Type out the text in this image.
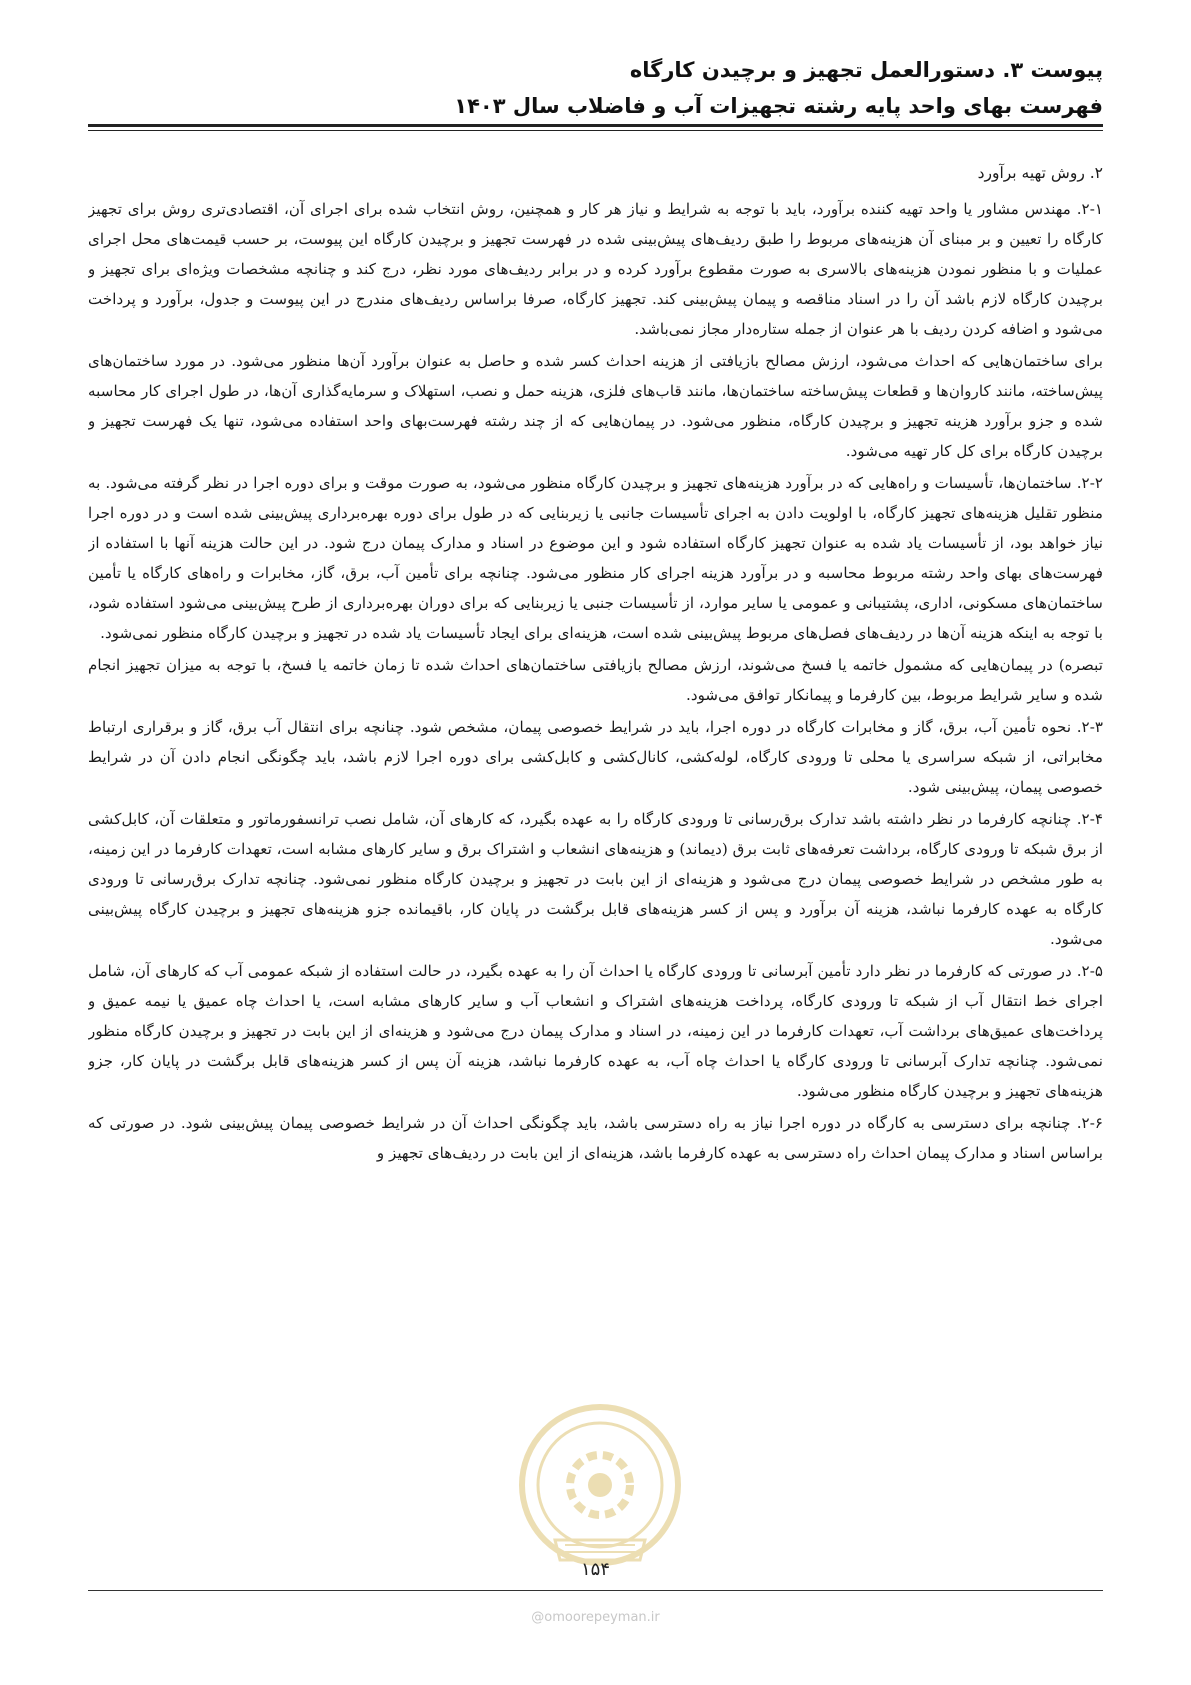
پیوست ۳. دستورالعمل تجهیز و برچیدن کارگاه
فهرست بهای واحد پایه رشته تجهیزات آب و فاضلاب سال ۱۴۰۳
۲. روش تهیه برآورد

۲-۱. مهندس مشاور یا واحد تهیه کننده برآورد، باید با توجه به شرایط و نیاز هر کار و همچنین، روش انتخاب شده برای اجرای آن، اقتصادی‌تری روش برای تجهیز کارگاه را تعیین و بر مبنای آن هزینه‌های مربوط را طبق ردیف‌های پیش‌بینی شده در فهرست تجهیز و برچیدن کارگاه این پیوست، بر حسب قیمت‌های محل اجرای عملیات و با منظور نمودن هزینه‌های بالاسری به صورت مقطوع برآورد کرده و در برابر ردیف‌های مورد نظر، درج کند و چنانچه مشخصات ویژه‌ای برای تجهیز و برچیدن کارگاه لازم باشد آن را در اسناد مناقصه و پیمان پیش‌بینی کند. تجهیز کارگاه، صرفا براساس ردیف‌های مندرج در این پیوست و جدول، برآورد و پرداخت می‌شود و اضافه کردن ردیف با هر عنوان از جمله ستاره‌دار مجاز نمی‌باشد.

برای ساختمان‌هایی که احداث می‌شود، ارزش مصالح بازیافتی از هزینه احداث کسر شده و حاصل به عنوان برآورد آن‌ها منظور می‌شود. در مورد ساختمان‌های پیش‌ساخته، مانند کاروان‌ها و قطعات پیش‌ساخته ساختمان‌ها، مانند قاب‌های فلزی، هزینه حمل و نصب، استهلاک و سرمایه‌گذاری آن‌ها، در طول اجرای کار محاسبه شده و جزو برآورد هزینه تجهیز و برچیدن کارگاه، منظور می‌شود. در پیمان‌هایی که از چند رشته فهرست‌بهای واحد استفاده می‌شود، تنها یک فهرست تجهیز و برچیدن کارگاه برای کل کار تهیه می‌شود.

۲-۲. ساختمان‌ها، تأسیسات و راه‌هایی که در برآورد هزینه‌های تجهیز و برچیدن کارگاه منظور می‌شود، به صورت موقت و برای دوره اجرا در نظر گرفته می‌شود. به منظور تقلیل هزینه‌های تجهیز کارگاه، با اولویت دادن به اجرای تأسیسات جانبی یا زیربنایی که در طول برای دوره بهره‌برداری پیش‌بینی شده است و در دوره اجرا نیاز خواهد بود، از تأسیسات یاد شده به عنوان تجهیز کارگاه استفاده شود و این موضوع در اسناد و مدارک پیمان درج شود. در این حالت هزینه آنها با استفاده از فهرست‌های بهای واحد رشته مربوط محاسبه و در برآورد هزینه اجرای کار منظور می‌شود. چنانچه برای تأمین آب، برق، گاز، مخابرات و راه‌های کارگاه یا تأمین ساختمان‌های مسکونی، اداری، پشتیبانی و عمومی یا سایر موارد، از تأسیسات جنبی یا زیربنایی که برای دوران بهره‌برداری از طرح پیش‌بینی می‌شود استفاده شود، با توجه به اینکه هزینه آن‌ها در ردیف‌های فصل‌های مربوط پیش‌بینی شده است، هزینه‌ای برای ایجاد تأسیسات یاد شده در تجهیز و برچیدن کارگاه منظور نمی‌شود.

تبصره) در پیمان‌هایی که مشمول خاتمه یا فسخ می‌شوند، ارزش مصالح بازیافتی ساختمان‌های احداث شده تا زمان خاتمه یا فسخ، با توجه به میزان تجهیز انجام شده و سایر شرایط مربوط، بین کارفرما و پیمانکار توافق می‌شود.

۲-۳. نحوه تأمین آب، برق، گاز و مخابرات کارگاه در دوره اجرا، باید در شرایط خصوصی پیمان، مشخص شود. چنانچه برای انتقال آب برق، گاز و برقراری ارتباط مخابراتی، از شبکه سراسری یا محلی تا ورودی کارگاه، لوله‌کشی، کانال‌کشی و کابل‌کشی برای دوره اجرا لازم باشد، باید چگونگی انجام دادن آن در شرایط خصوصی پیمان، پیش‌بینی شود.

۲-۴. چنانچه کارفرما در نظر داشته باشد تدارک برق‌رسانی تا ورودی کارگاه را به عهده بگیرد، که کارهای آن، شامل نصب ترانسفورماتور و متعلقات آن، کابل‌کشی از برق شبکه تا ورودی کارگاه، برداشت تعرفه‌های ثابت برق (دیماند) و هزینه‌های انشعاب و اشتراک برق و سایر کارهای مشابه است، تعهدات کارفرما در این زمینه، به طور مشخص در شرایط خصوصی پیمان درج می‌شود و هزینه‌ای از این بابت در تجهیز و برچیدن کارگاه منظور نمی‌شود. چنانچه تدارک برق‌رسانی تا ورودی کارگاه به عهده کارفرما نباشد، هزینه آن برآورد و پس از کسر هزینه‌های قابل برگشت در پایان کار، باقیمانده جزو هزینه‌های تجهیز و برچیدن کارگاه پیش‌بینی می‌شود.

۲-۵. در صورتی که کارفرما در نظر دارد تأمین آبرسانی تا ورودی کارگاه یا احداث آن را به عهده بگیرد، در حالت استفاده از شبکه عمومی آب که کارهای آن، شامل اجرای خط انتقال آب از شبکه تا ورودی کارگاه، پرداخت هزینه‌های اشتراک و انشعاب آب و سایر کارهای مشابه است، یا احداث چاه عمیق یا نیمه عمیق و پرداخت‌های عمیق‌های برداشت آب، تعهدات کارفرما در این زمینه، در اسناد و مدارک پیمان درج می‌شود و هزینه‌ای از این بابت در تجهیز و برچیدن کارگاه منظور نمی‌شود. چنانچه تدارک آبرسانی تا ورودی کارگاه یا احداث چاه آب، به عهده کارفرما نباشد، هزینه آن پس از کسر هزینه‌های قابل برگشت در پایان کار، جزو هزینه‌های تجهیز و برچیدن کارگاه منظور می‌شود.

۲-۶. چنانچه برای دسترسی به کارگاه در دوره اجرا نیاز به راه دسترسی باشد، باید چگونگی احداث آن در شرایط خصوصی پیمان پیش‌بینی شود. در صورتی که براساس اسناد و مدارک پیمان احداث راه دسترسی به عهده کارفرما باشد، هزینه‌ای از این بابت در ردیف‌های تجهیز و

۱۵۴
@omoorepeyman.ir
